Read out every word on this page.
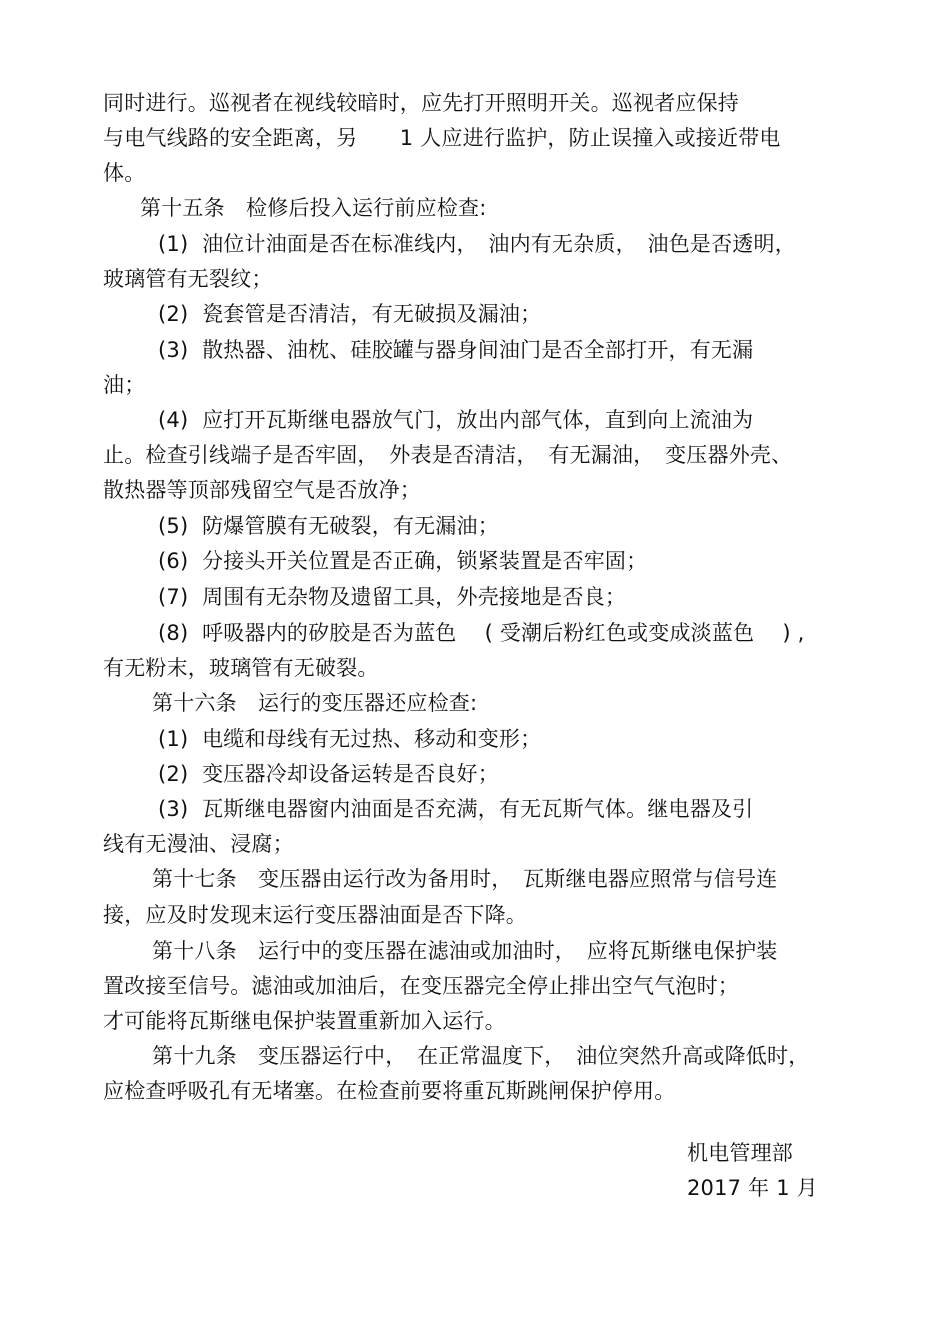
同时进行。巡视者在视线较暗时，应先打开照明开关。巡视者应保持
与电气线路的安全距离，另　　1 人应进行监护，防止误撞入或接近带电
体。
第十五条　检修后投入运行前应检查:
(1)  油位计油面是否在标准线内，　油内有无杂质，　油色是否透明，
玻璃管有无裂纹；
(2)  瓷套管是否清洁，有无破损及漏油；
(3)  散热器、油枕、硅胶罐与器身间油门是否全部打开，有无漏
油；
(4)  应打开瓦斯继电器放气门，放出内部气体，直到向上流油为
止。检查引线端子是否牢固，　外表是否清洁，　有无漏油，　变压器外壳、
散热器等顶部残留空气是否放净；
(5)  防爆管膜有无破裂，有无漏油；
(6)  分接头开关位置是否正确，锁紧装置是否牢固；
(7)  周围有无杂物及遗留工具，外壳接地是否良；
(8)  呼吸器内的矽胶是否为蓝色　 ( 受潮后粉红色或变成淡蓝色　 ) ,
有无粉末，玻璃管有无破裂。
第十六条　运行的变压器还应检查:
(1)  电缆和母线有无过热、移动和变形；
(2)  变压器冷却设备运转是否良好；
(3)  瓦斯继电器窗内油面是否充满，有无瓦斯气体。继电器及引
线有无漫油、浸腐；
第十七条　变压器由运行改为备用时，　瓦斯继电器应照常与信号连
接，应及时发现末运行变压器油面是否下降。
第十八条　运行中的变压器在滤油或加油时，　应将瓦斯继电保护装
置改接至信号。滤油或加油后，在变压器完全停止排出空气气泡时；
才可能将瓦斯继电保护装置重新加入运行。
第十九条　变压器运行中，　在正常温度下，　油位突然升高或降低时，
应检查呼吸孔有无堵塞。在检查前要将重瓦斯跳闸保护停用。
机电管理部
2017 年 1 月
